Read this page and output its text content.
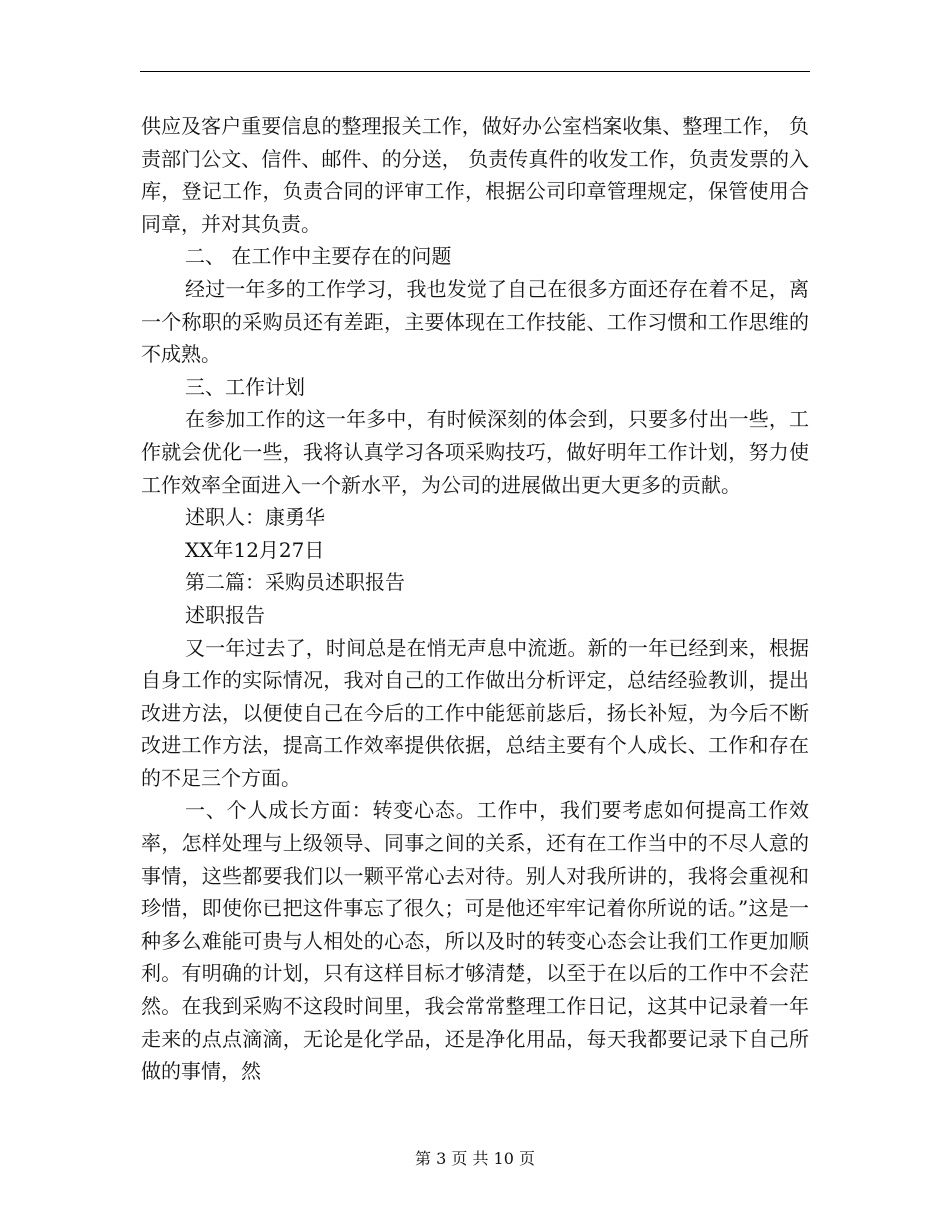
供应及客户重要信息的整理报关工作，做好办公室档案收集、整理工作， 负责部门公文、信件、邮件、的分送， 负责传真件的收发工作，负责发票的入库，登记工作，负责合同的评审工作，根据公司印章管理规定，保管使用合同章，并对其负责。

二、 在工作中主要存在的问题

经过一年多的工作学习，我也发觉了自己在很多方面还存在着不足，离一个称职的采购员还有差距，主要体现在工作技能、工作习惯和工作思维的不成熟。

三、工作计划

在参加工作的这一年多中，有时候深刻的体会到，只要多付出一些，工作就会优化一些，我将认真学习各项采购技巧，做好明年工作计划，努力使工作效率全面进入一个新水平，为公司的进展做出更大更多的贡献。

述职人：康勇华

XX年12月27日

第二篇：采购员述职报告

述职报告

又一年过去了，时间总是在悄无声息中流逝。新的一年已经到来，根据自身工作的实际情况，我对自己的工作做出分析评定，总结经验教训，提出改进方法，以便使自己在今后的工作中能惩前毖后，扬长补短，为今后不断改进工作方法，提高工作效率提供依据，总结主要有个人成长、工作和存在的不足三个方面。

一、个人成长方面：转变心态。工作中，我们要考虑如何提高工作效率，怎样处理与上级领导、同事之间的关系，还有在工作当中的不尽人意的事情，这些都要我们以一颗平常心去对待。别人对我所讲的，我将会重视和珍惜，即使你已把这件事忘了很久；可是他还牢牢记着你所说的话。”这是一种多么难能可贵与人相处的心态，所以及时的转变心态会让我们工作更加顺利。有明确的计划，只有这样目标才够清楚，以至于在以后的工作中不会茫然。在我到采购不这段时间里，我会常常整理工作日记，这其中记录着一年走来的点点滴滴，无论是化学品，还是净化用品，每天我都要记录下自己所做的事情，然

第 3 页 共 10 页
